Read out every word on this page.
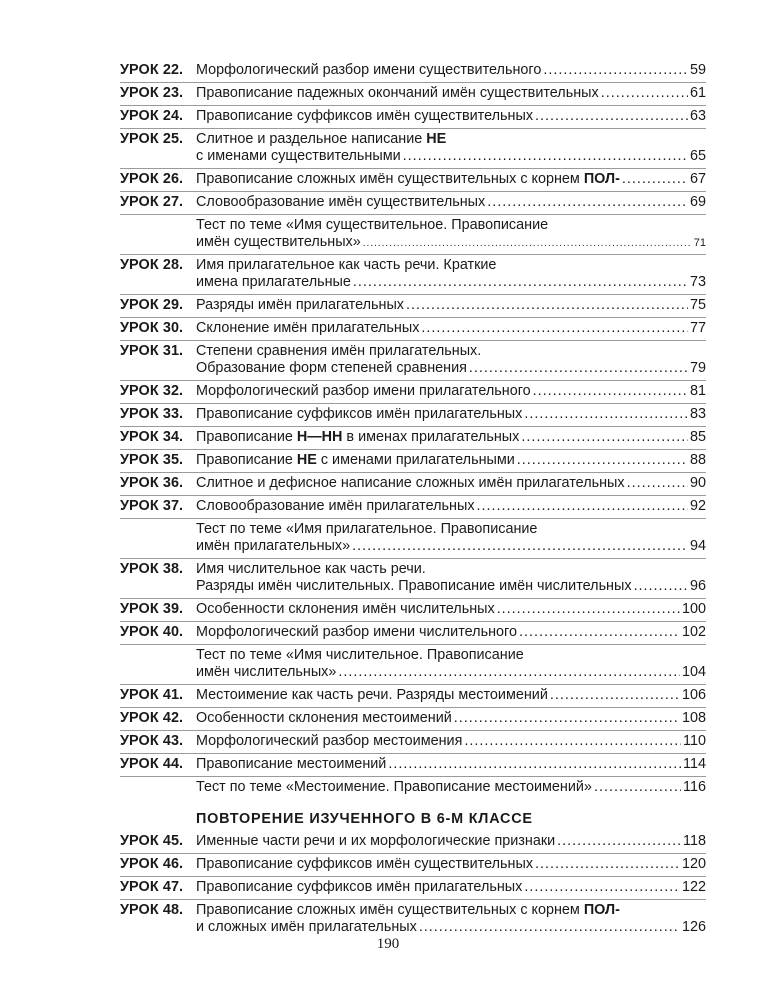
УРОК 22. Морфологический разбор имени существительного .....	59
УРОК 23. Правописание падежных окончаний имён существительных .....	61
УРОК 24. Правописание суффиксов имён существительных .....	63
УРОК 25. Слитное и раздельное написание НЕ
с именами существительными .....	65
УРОК 26. Правописание сложных имён существительных с корнем ПОЛ- .....	67
УРОК 27. Словообразование имён существительных .....	69
Тест по теме «Имя существительное. Правописание
имён существительных» .....	71
УРОК 28. Имя прилагательное как часть речи. Краткие
имена прилагательные .....	73
УРОК 29. Разряды имён прилагательных .....	75
УРОК 30. Склонение имён прилагательных .....	77
УРОК 31. Степени сравнения имён прилагательных.
Образование форм степеней сравнения .....	79
УРОК 32. Морфологический разбор имени прилагательного .....	81
УРОК 33. Правописание суффиксов имён прилагательных .....	83
УРОК 34. Правописание Н—НН в именах прилагательных .....	85
УРОК 35. Правописание НЕ с именами прилагательными .....	88
УРОК 36. Слитное и дефисное написание сложных имён прилагательных .....	90
УРОК 37. Словообразование имён прилагательных .....	92
Тест по теме «Имя прилагательное. Правописание
имён прилагательных» .....	94
УРОК 38. Имя числительное как часть речи.
Разряды имён числительных. Правописание имён числительных .....	96
УРОК 39. Особенности склонения имён числительных .....	100
УРОК 40. Морфологический разбор имени числительного .....	102
Тест по теме «Имя числительное. Правописание
имён числительных» .....	104
УРОК 41. Местоимение как часть речи. Разряды местоимений .....	106
УРОК 42. Особенности склонения местоимений .....	108
УРОК 43. Морфологический разбор местоимения .....	110
УРОК 44. Правописание местоимений .....	114
Тест по теме «Местоимение. Правописание местоимений» .....	116
ПОВТОРЕНИЕ ИЗУЧЕННОГО В 6-М КЛАССЕ
УРОК 45. Именные части речи и их морфологические признаки .....	118
УРОК 46. Правописание суффиксов имён существительных .....	120
УРОК 47. Правописание суффиксов имён прилагательных .....	122
УРОК 48. Правописание сложных имён существительных с корнем ПОЛ-
и сложных имён прилагательных .....	126
190
